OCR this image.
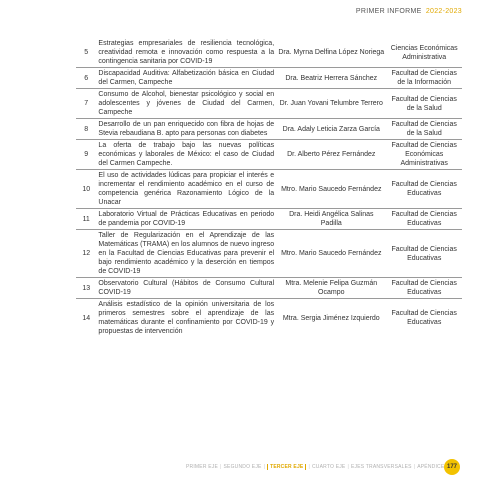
PRIMER INFORME 2022-2023
5	Estrategias empresariales de resiliencia tecnológica, creatividad remota e innovación como respuesta a la contingencia sanitaria por COVID-19	Dra. Myrna Delfina López Noriega	Ciencias Económicas Administrativa
6	Discapacidad Auditiva: Alfabetización básica en Ciudad del Carmen, Campeche	Dra. Beatriz Herrera Sánchez	Facultad de Ciencias de la Información
7	Consumo de Alcohol, bienestar psicológico y social en adolescentes y jóvenes de Ciudad del Carmen, Campeche	Dr. Juan Yovani Telumbre Terrero	Facultad de Ciencias de la Salud
8	Desarrollo de un pan enriquecido con fibra de hojas de Stevia rebaudiana B. apto para personas con diabetes	Dra. Adaly Leticia Zarza García	Facultad de Ciencias de la Salud
9	La oferta de trabajo bajo las nuevas políticas económicas y laborales de México: el caso de Ciudad del Carmen Campeche.	Dr. Alberto Pérez Fernández	Facultad de Ciencias Económicas Administrativas
10	El uso de actividades lúdicas para propiciar el interés e incrementar el rendimiento académico en el curso de competencia genérica Razonamiento Lógico de la Unacar	Mtro. Mario Saucedo Fernández	Facultad de Ciencias Educativas
11	Laboratorio Virtual de Prácticas Educativas en periodo de pandemia por COVID-19	Dra. Heidi Angélica Salinas Padilla	Facultad de Ciencias Educativas
12	Taller de Regularización en el Aprendizaje de las Matemáticas (TRAMA) en los alumnos de nuevo ingreso en la Facultad de Ciencias Educativas para prevenir el bajo rendimiento académico y la deserción en tiempos de COVID-19	Mtro. Mario Saucedo Fernández	Facultad de Ciencias Educativas
13	Observatorio Cultural (Hábitos de Consumo Cultural COVID-19	Mtra. Melenie Felipa Guzmán Ocampo	Facultad de Ciencias Educativas
14	Análisis estadístico de la opinión universitaria de los primeros semestres sobre el aprendizaje de las matemáticas durante el confinamiento por COVID-19 y propuestas de intervención	Mtra. Sergia Jiménez Izquierdo	Facultad de Ciencias Educativas
PRIMER EJE | SEGUNDO EJE |	TERCER EJE	| CUARTO EJE | EJES TRANSVERSALES | APÉNDICE 177
